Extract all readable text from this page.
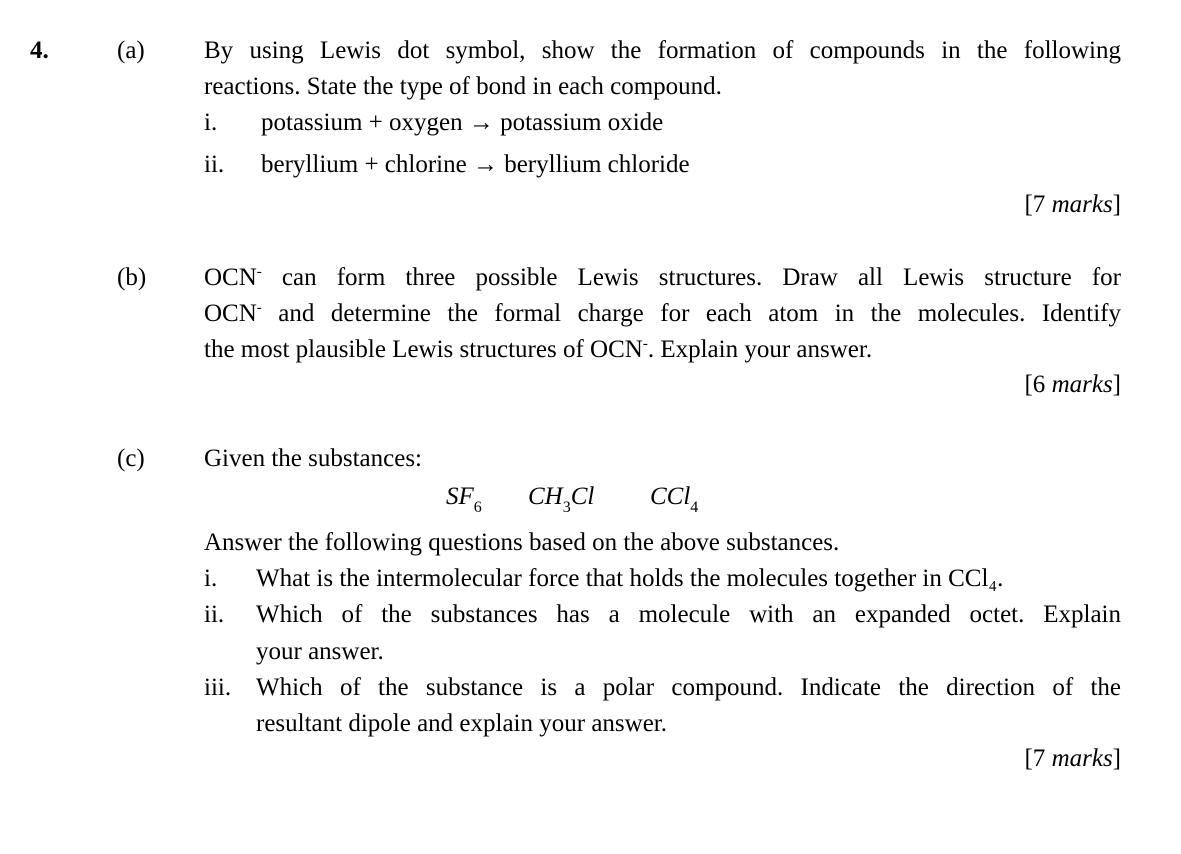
4.	(a) By using Lewis dot symbol, show the formation of compounds in the following
reactions. State the type of bond in each compound.
i. potassium + oxygen → potassium oxide
ii. beryllium + chlorine → beryllium chloride
[7 marks]
(b) OCN- can form three possible Lewis structures. Draw all Lewis structure for
OCN- and determine the formal charge for each atom in the molecules. Identify
the most plausible Lewis structures of OCN-. Explain your answer.
[6 marks]
(c) Given the substances:
$SF_6$ $CH_3Cl$ CCl$_4$
Answer the following questions based on the above substances.
i. What is the intermolecular force that holds the molecules together in CCl₄.
ii. Which of the substances has a molecule with an expanded octet. Explain
your answer.
iii. Which of the substance is a polar compound. Indicate the direction of the
resultant dipole and explain your answer.
[7 marks]
